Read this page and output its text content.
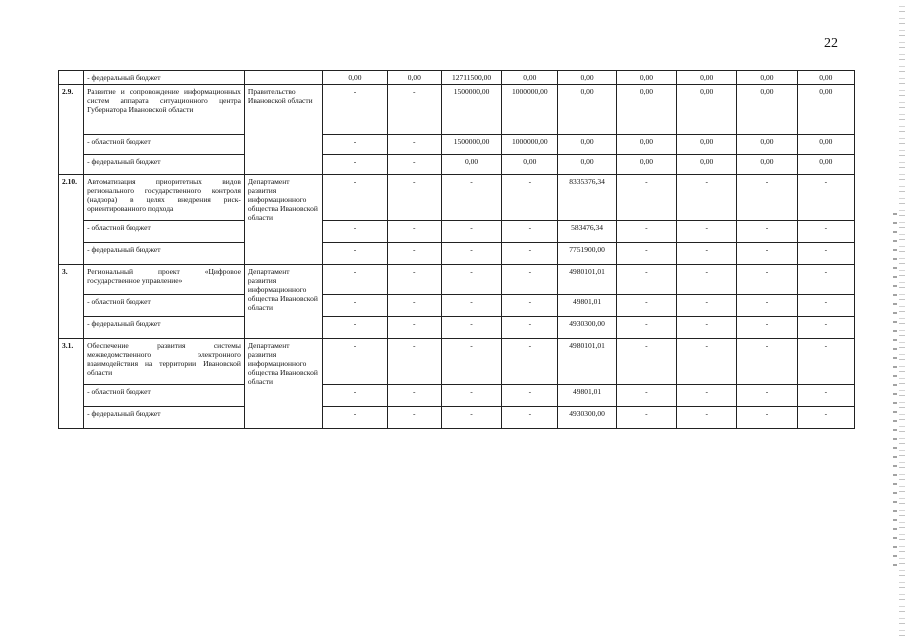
22
	- федеральный бюджет		0,00	0,00	12711500,00	0,00	0,00	0,00	0,00	0,00	0,00
2.9.	Развитие и сопровождение информационных систем аппарата ситуационного центра Губернатора Ивановской области	Правительство Ивановской области	-	-	1500000,00	1000000,00	0,00	0,00	0,00	0,00	0,00
	- областной бюджет		-	-	1500000,00	1000000,00	0,00	0,00	0,00	0,00	0,00
	- федеральный бюджет		-	-	0,00	0,00	0,00	0,00	0,00	0,00	0,00
2.10.	Автоматизация приоритетных видов регионального государственного контроля (надзора) в целях внедрения риск-ориентированного подхода	Департамент развития информационного общества Ивановской области	-	-	-	-	8335376,34	-	-	-	-
	- областной бюджет		-	-	-	-	583476,34	-	-	-	-
	- федеральный бюджет		-	-	-	-	7751900,00	-	-	-	-
3.	Региональный проект «Цифровое государственное управление»	Департамент развития информационного общества Ивановской области	-	-	-	-	4980101,01	-	-	-	-
	- областной бюджет		-	-	-	-	49801,01	-	-	-	-
	- федеральный бюджет		-	-	-	-	4930300,00	-	-	-	-
3.1.	Обеспечение развития системы межведомственного электронного взаимодействия на территории Ивановской области	Департамент развития информационного общества Ивановской области	-	-	-	-	4980101,01	-	-	-	-
	- областной бюджет		-	-	-	-	49801,01	-	-	-	-
	- федеральный бюджет		-	-	-	-	4930300,00	-	-	-	-
